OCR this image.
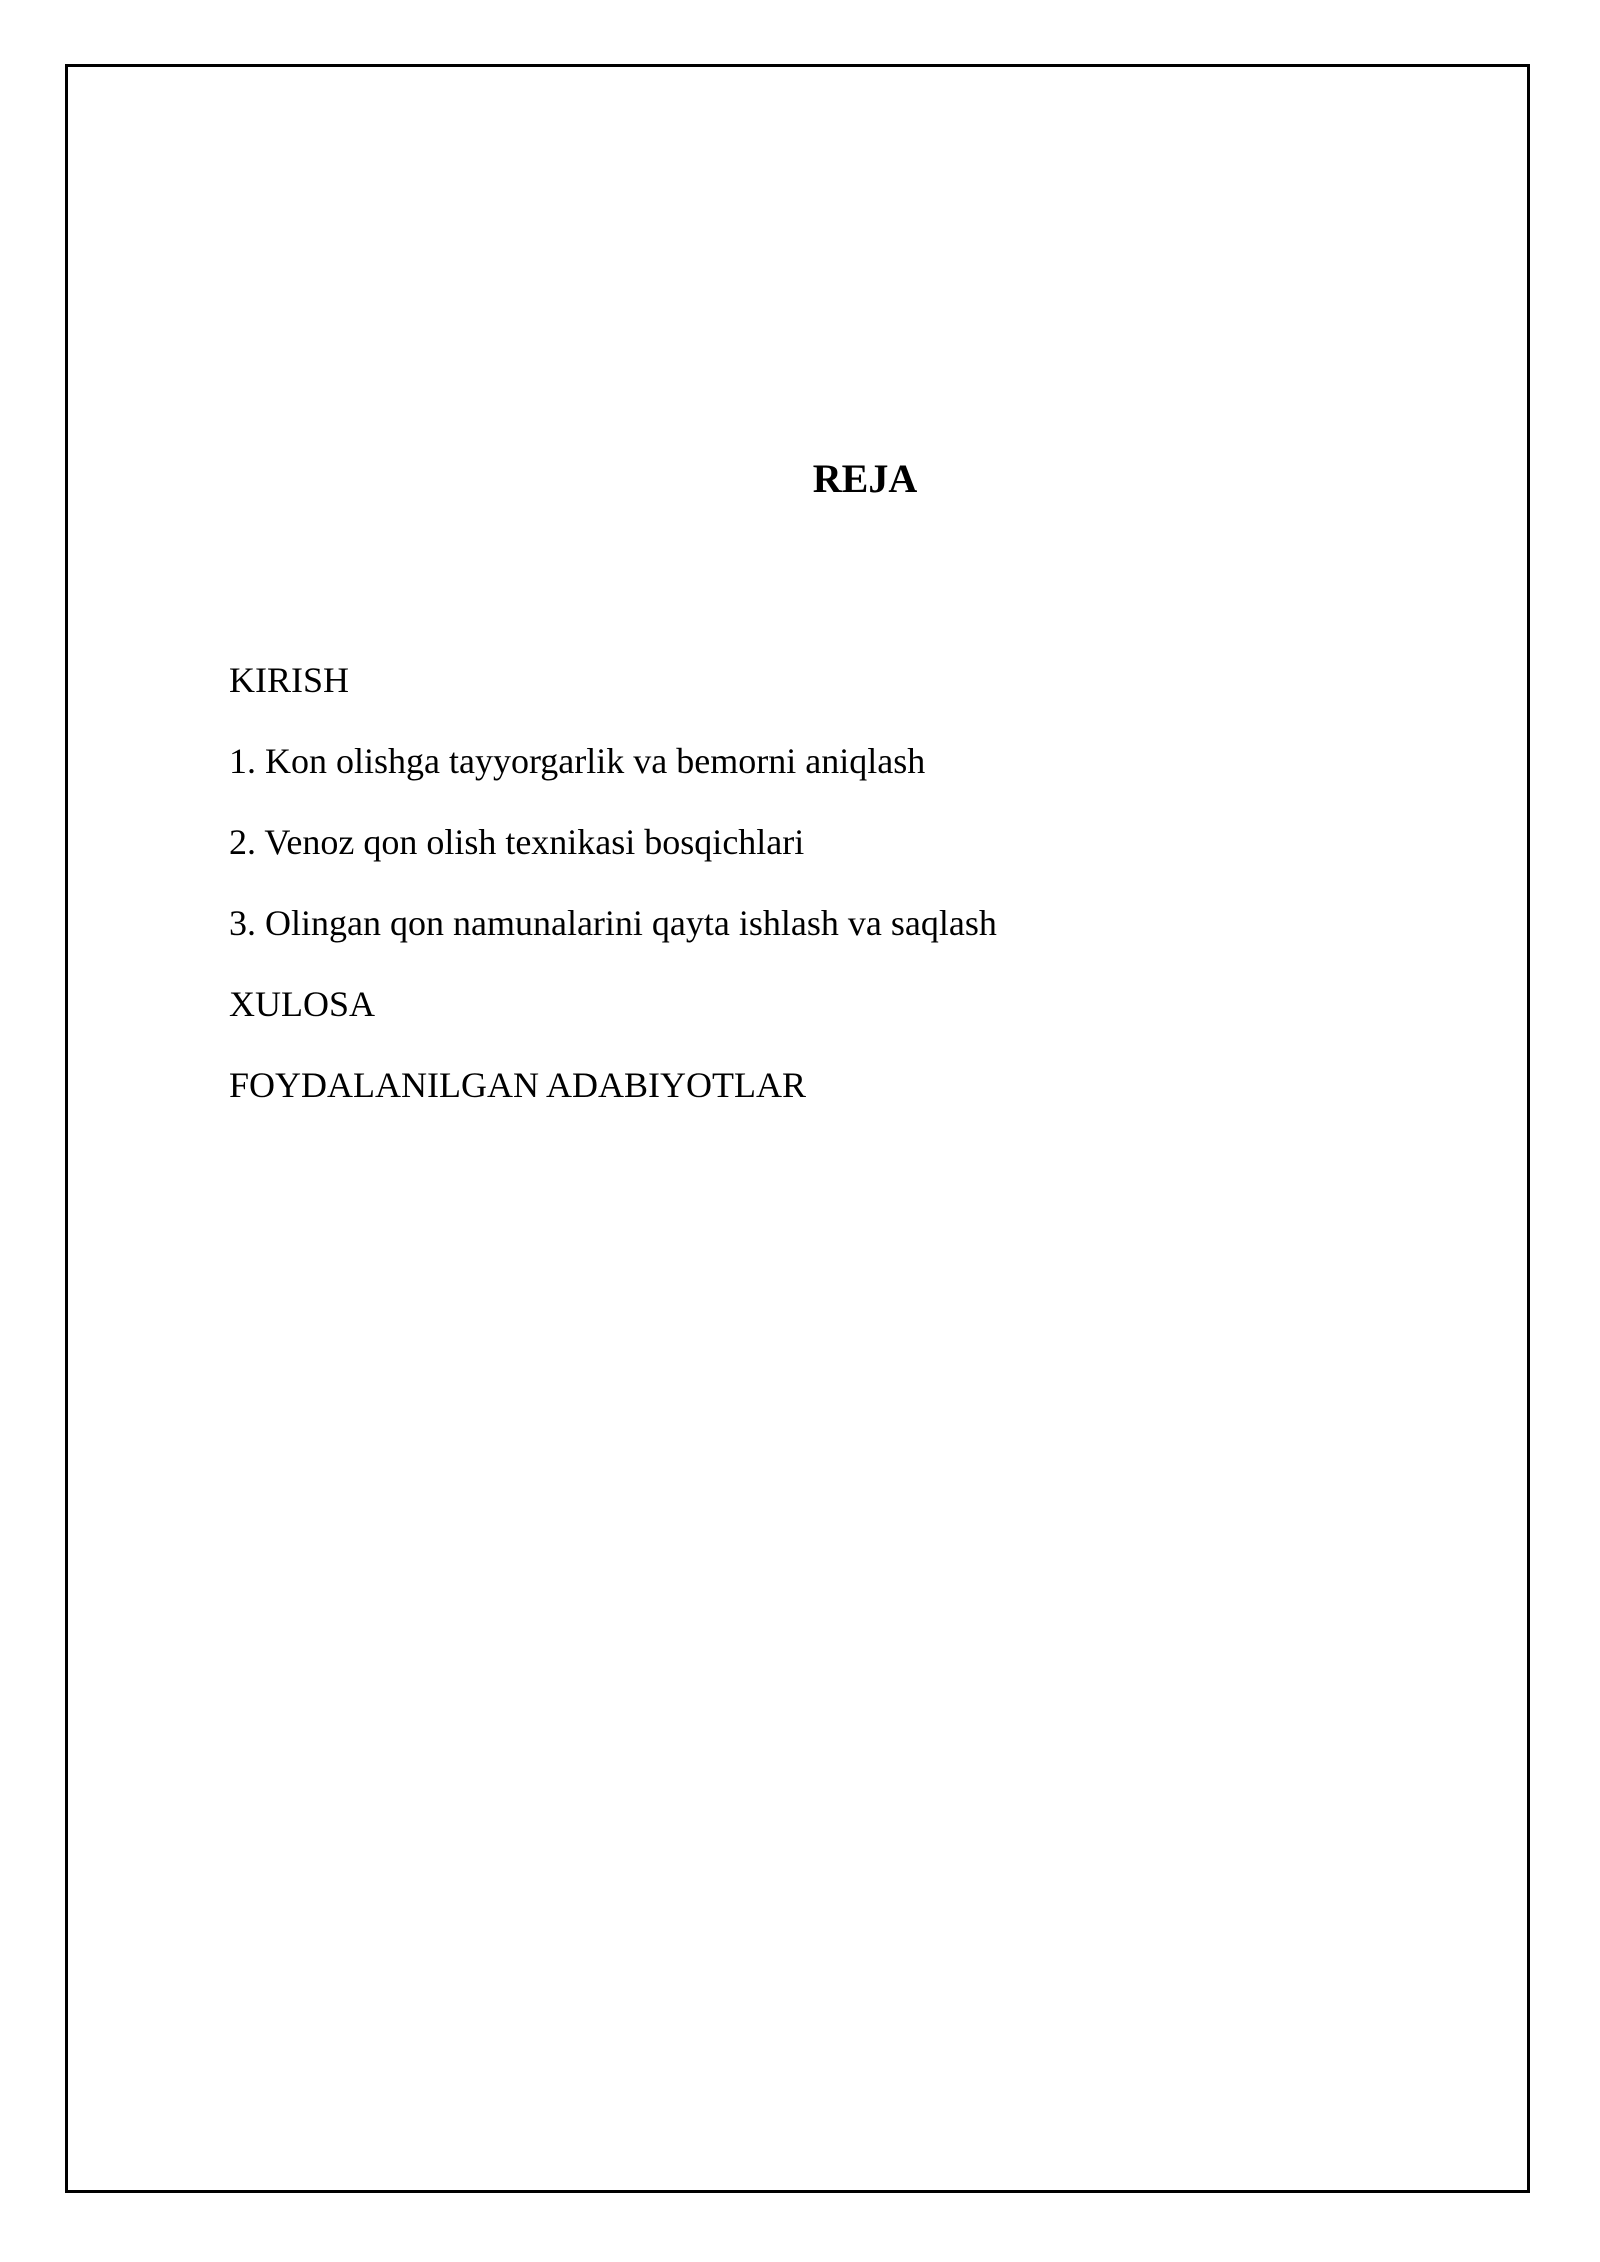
REJA
KIRISH
1. Kon olishga tayyorgarlik va bemorni aniqlash
2. Venoz qon olish texnikasi bosqichlari
3. Olingan qon namunalarini qayta ishlash va saqlash
XULOSA
FOYDALANILGAN ADABIYOTLAR
